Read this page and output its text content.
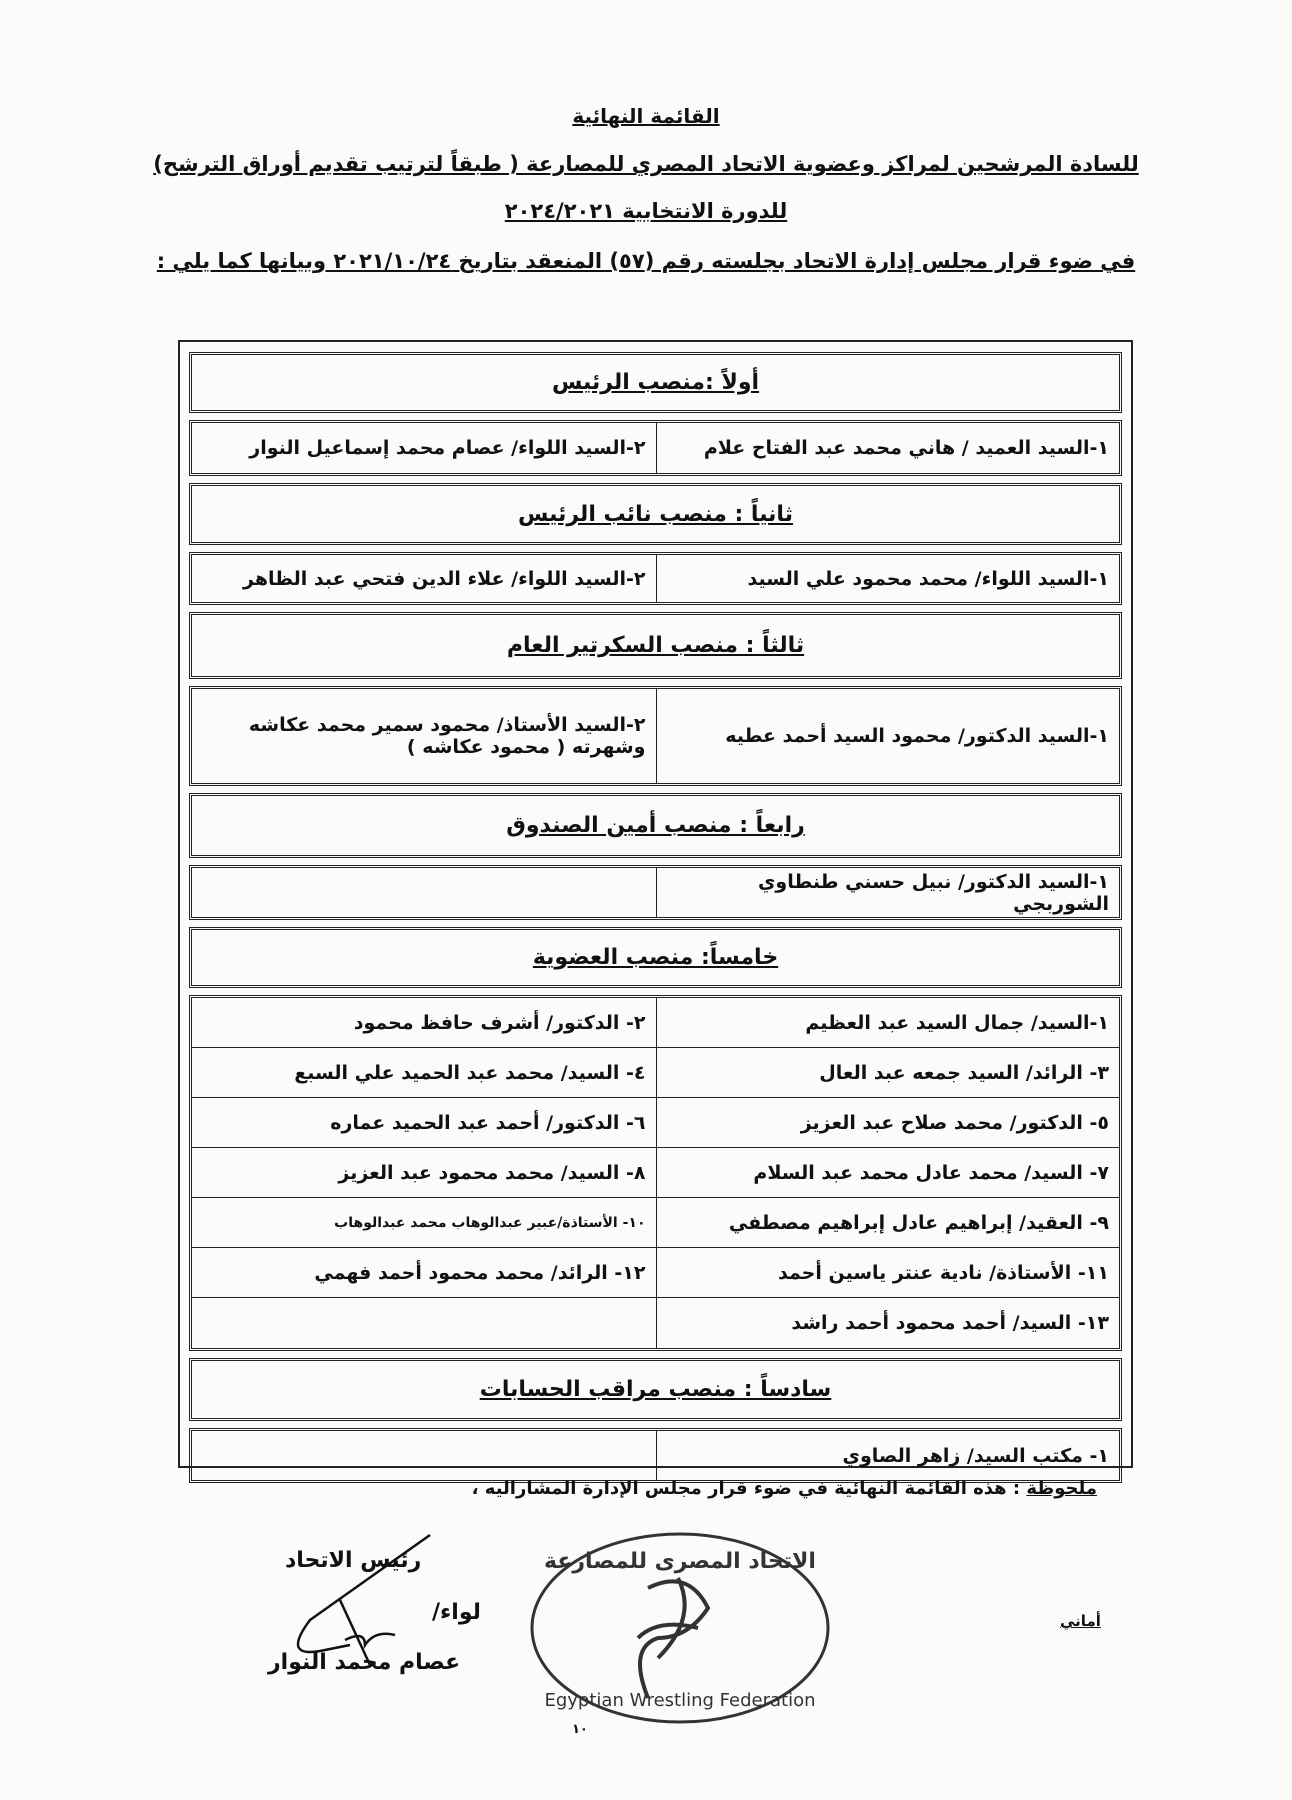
القائمة النهائية
للسادة المرشحين لمراكز وعضوية الاتحاد المصري للمصارعة ( طبقاً لترتيب تقديم أوراق الترشح)
للدورة الانتخابية ٢٠٢٤/٢٠٢١
في ضوء قرار مجلس إدارة الاتحاد بجلسته رقم (٥٧) المنعقد بتاريخ ٢٠٢١/١٠/٢٤ وبيانها كما يلي :
أولاً :منصب الرئيس
١-السيد العميد / هاني محمد عبد الفتاح علام
٢-السيد اللواء/ عصام محمد إسماعيل النوار
ثانياً : منصب نائب الرئيس
١-السيد اللواء/ محمد محمود علي السيد
٢-السيد اللواء/ علاء الدين فتحي عبد الظاهر
ثالثاً : منصب السكرتير العام
١-السيد الدكتور/ محمود السيد أحمد عطيه
٢-السيد الأستاذ/ محمود سمير محمد عكاشه وشهرته ( محمود عكاشه )
رابعاً : منصب أمين الصندوق
١-السيد الدكتور/ نبيل حسني طنطاوي الشوربجي
خامساً: منصب العضوية
١-السيد/ جمال السيد عبد العظيم
٢- الدكتور/ أشرف حافظ محمود
٣- الرائد/ السيد جمعه عبد العال
٤- السيد/ محمد عبد الحميد علي السبع
٥- الدكتور/ محمد صلاح عبد العزيز
٦- الدكتور/ أحمد عبد الحميد عماره
٧- السيد/ محمد عادل محمد عبد السلام
٨- السيد/ محمد محمود عبد العزيز
٩- العقيد/ إبراهيم عادل إبراهيم مصطفي
١٠- الأستاذة/عبير عبدالوهاب محمد عبدالوهاب
١١- الأستاذة/ نادية عنتر ياسين أحمد
١٢- الرائد/ محمد محمود أحمد فهمي
١٣- السيد/ أحمد محمود أحمد راشد
سادساً : منصب مراقب الحسابات
١- مكتب السيد/ زاهر الصاوي
ملحوظة : هذه القائمة النهائية في ضوء قرار مجلس الإدارة المشاراليه ،
الاتحاد المصرى للمصارعة
Egyptian Wrestling Federation
رئيس الاتحاد
لواء/
عصام محمد النوار
أماني
١٠
